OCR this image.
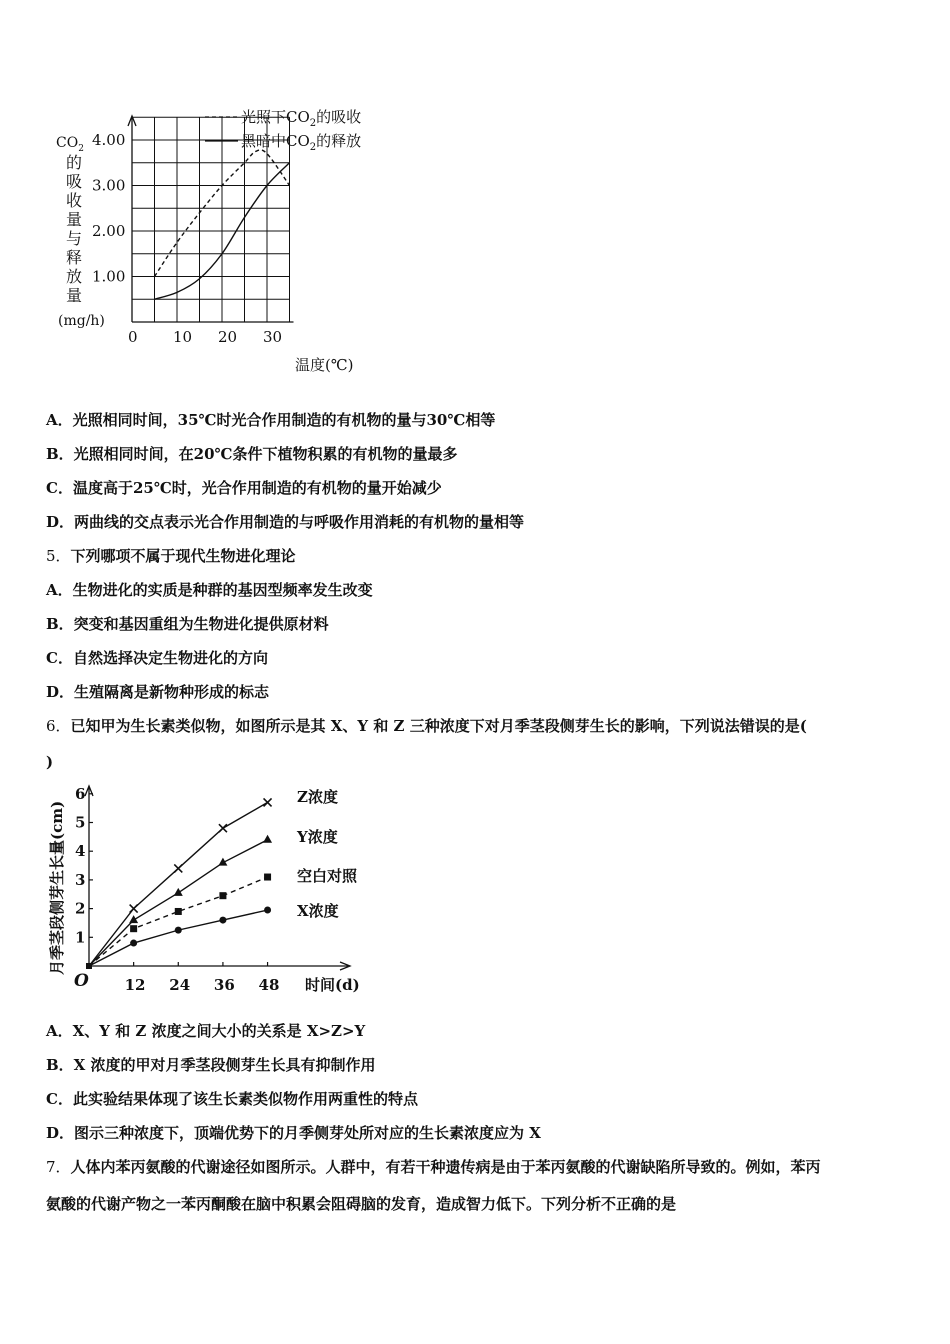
0 10 20 30
1.00
2.00
3.00
4.00
光照下$CO_2$的吸收
黑暗中$CO_2$的释放
$CO_2$
的吸收量与释放量
(mg/h)
温度(℃)
A．光照相同时间，35℃时光合作用制造的有机物的量与30℃相等
B．光照相同时间，在20℃条件下植物积累的有机物的量最多
C．温度高于25℃时，光合作用制造的有机物的量开始减少
D．两曲线的交点表示光合作用制造的与呼吸作用消耗的有机物的量相等
5．下列哪项不属于现代生物进化理论
A．生物进化的实质是种群的基因型频率发生改变
B．突变和基因重组为生物进化提供原材料
C．自然选择决定生物进化的方向
D．生殖隔离是新物种形成的标志
6．已知甲为生长素类似物，如图所示是其 X、Y 和 Z 三种浓度下对月季茎段侧芽生长的影响，下列说法错误的是(
)
12 24 36 48
1
2
3
4
5
6	Z浓度
Y浓度
空白对照
X浓度
月季茎段侧芽生长量(cm)
时间(d)
O
A．X、Y 和 Z 浓度之间大小的关系是 X>Z>Y
B．X 浓度的甲对月季茎段侧芽生长具有抑制作用
C．此实验结果体现了该生长素类似物作用两重性的特点
D．图示三种浓度下，顶端优势下的月季侧芽处所对应的生长素浓度应为 X
7．人体内苯丙氨酸的代谢途径如图所示。人群中，有若干种遗传病是由于苯丙氨酸的代谢缺陷所导致的。例如，苯丙
氨酸的代谢产物之一苯丙酮酸在脑中积累会阻碍脑的发育，造成智力低下。下列分析不正确的是
